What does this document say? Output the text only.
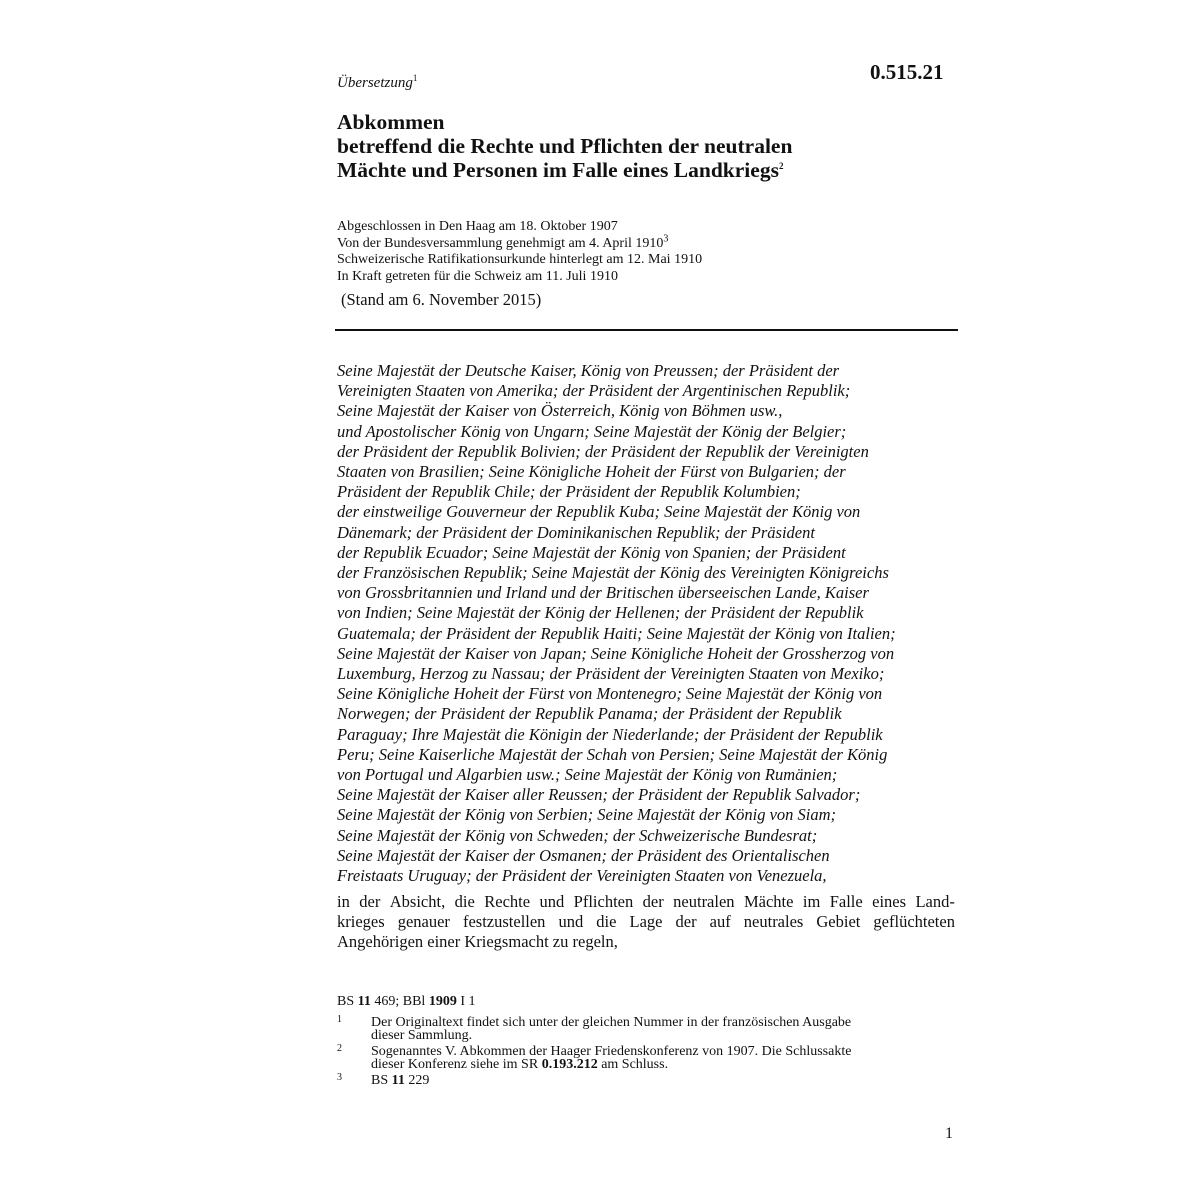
Übersetzung$^1$	0.515.21
Abkommen
betreffend die Rechte und Pflichten der neutralen
Mächte und Personen im Falle eines Landkriegs$^2$
Abgeschlossen in Den Haag am 18. Oktober 1907
Von der Bundesversammlung genehmigt am 4. April 1910$^3$
Schweizerische Ratifikationsurkunde hinterlegt am 12. Mai 1910
In Kraft getreten für die Schweiz am 11. Juli 1910
(Stand am 6. November 2015)
Seine Majestät der Deutsche Kaiser, König von Preussen; der Präsident der
Vereinigten Staaten von Amerika; der Präsident der Argentinischen Republik;
Seine Majestät der Kaiser von Österreich, König von Böhmen usw.,
und Apostolischer König von Ungarn; Seine Majestät der König der Belgier;
der Präsident der Republik Bolivien; der Präsident der Republik der Vereinigten
Staaten von Brasilien; Seine Königliche Hoheit der Fürst von Bulgarien; der
Präsident der Republik Chile; der Präsident der Republik Kolumbien;
der einstweilige Gouverneur der Republik Kuba; Seine Majestät der König von
Dänemark; der Präsident der Dominikanischen Republik; der Präsident
der Republik Ecuador; Seine Majestät der König von Spanien; der Präsident
der Französischen Republik; Seine Majestät der König des Vereinigten Königreichs
von Grossbritannien und Irland und der Britischen überseeischen Lande, Kaiser
von Indien; Seine Majestät der König der Hellenen; der Präsident der Republik
Guatemala; der Präsident der Republik Haiti; Seine Majestät der König von Italien;
Seine Majestät der Kaiser von Japan; Seine Königliche Hoheit der Grossherzog von
Luxemburg, Herzog zu Nassau; der Präsident der Vereinigten Staaten von Mexiko;
Seine Königliche Hoheit der Fürst von Montenegro; Seine Majestät der König von
Norwegen; der Präsident der Republik Panama; der Präsident der Republik
Paraguay; Ihre Majestät die Königin der Niederlande; der Präsident der Republik
Peru; Seine Kaiserliche Majestät der Schah von Persien; Seine Majestät der König
von Portugal und Algarbien usw.; Seine Majestät der König von Rumänien;
Seine Majestät der Kaiser aller Reussen; der Präsident der Republik Salvador;
Seine Majestät der König von Serbien; Seine Majestät der König von Siam;
Seine Majestät der König von Schweden; der Schweizerische Bundesrat;
Seine Majestät der Kaiser der Osmanen; der Präsident des Orientalischen
Freistaats Uruguay; der Präsident der Vereinigten Staaten von Venezuela,
in der Absicht, die Rechte und Pflichten der neutralen Mächte im Falle eines Land-
krieges genauer festzustellen und die Lage der auf neutrales Gebiet geflüchteten
Angehörigen einer Kriegsmacht zu regeln,
BS 11 469; BBl 1909 I 1
1 Der Originaltext findet sich unter der gleichen Nummer in der französischen Ausgabe
dieser Sammlung.
2 Sogenanntes V. Abkommen der Haager Friedenskonferenz von 1907. Die Schlussakte
dieser Konferenz siehe im SR 0.193.212 am Schluss.
3 BS 11 229
1
